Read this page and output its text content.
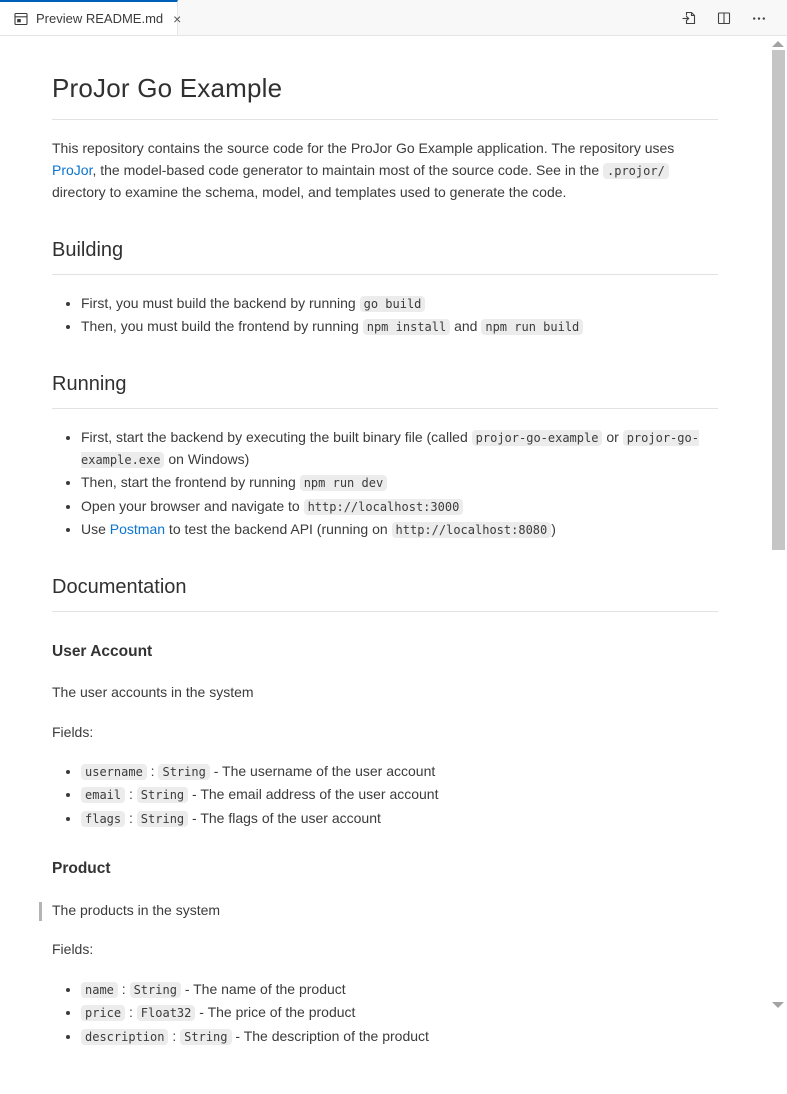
Preview README.md ×
ProJor Go Example

This repository contains the source code for the ProJor Go Example application. The repository uses ProJor, the model-based code generator to maintain most of the source code. See in the .projor/ directory to examine the schema, model, and templates used to generate the code.

Building
• First, you must build the backend by running go build
• Then, you must build the frontend by running npm install and npm run build
Running
• First, start the backend by executing the built binary file (called projor-go-example or projor-go-example.exe on Windows)
• Then, start the frontend by running npm run dev
• Open your browser and navigate to http://localhost:3000
• Use Postman to test the backend API (running on http://localhost:8080 )
Documentation
User Account

The user accounts in the system

Fields:

• username : String - The username of the user account
• email : String - The email address of the user account
• flags : String - The flags of the user account
Product

The products in the system

Fields:

• name : String - The name of the product
• price : Float32 - The price of the product
• description : String - The description of the product
